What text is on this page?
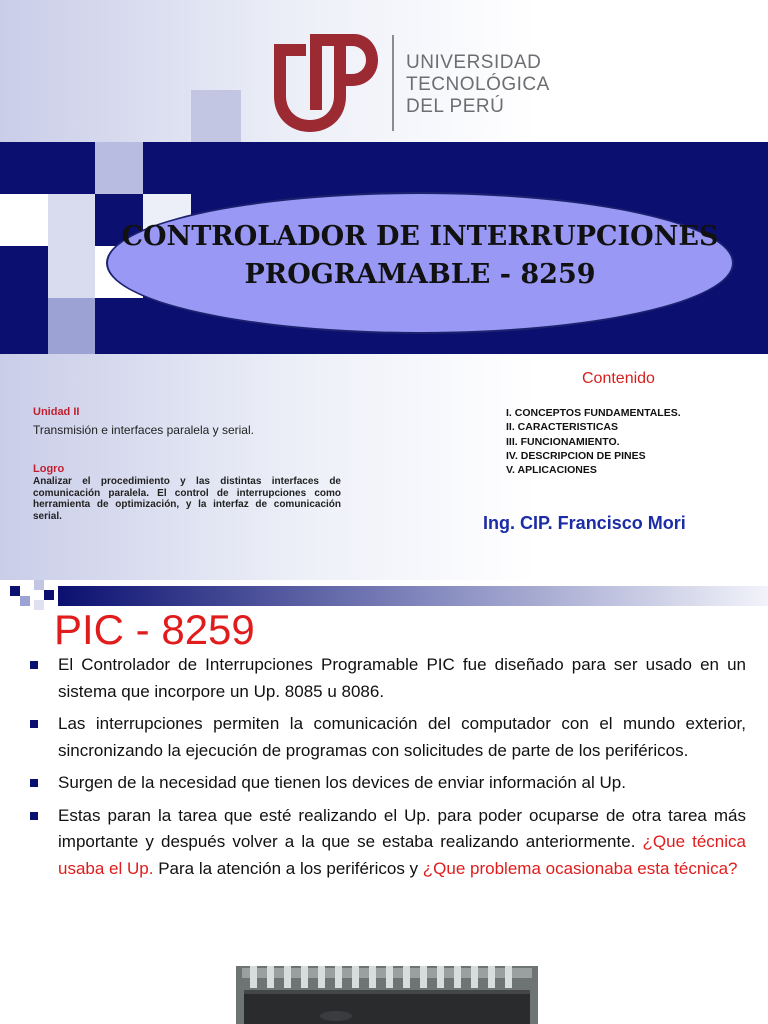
UNIVERSIDAD
TECNOLÓGICA
DEL PERÚ
CONTROLADOR DE INTERRUPCIONES
PROGRAMABLE - 8259
Contenido
Unidad II
Transmisión e interfaces paralela y serial.
Logro
Analizar el procedimiento y las distintas interfaces de comunicación paralela. El control de interrupciones como herramienta de optimización, y la interfaz de comunicación serial.
I. CONCEPTOS FUNDAMENTALES.
II. CARACTERISTICAS
III. FUNCIONAMIENTO.
IV. DESCRIPCION DE PINES
V. APLICACIONES
Ing. CIP. Francisco Mori
PIC - 8259
El Controlador de Interrupciones Programable PIC fue diseñado para ser usado en un sistema que incorpore un Up. 8085 u 8086.
Las interrupciones permiten la comunicación del computador con el mundo exterior, sincronizando la ejecución de programas con solicitudes de parte de los periféricos.
Surgen de la necesidad que tienen los devices de enviar información al Up.
Estas paran la tarea que esté realizando el Up. para poder ocuparse de otra tarea más importante y después volver a la que se estaba realizando anteriormente. ¿Que técnica usaba el Up. Para la atención a los periféricos y ¿Que problema ocasionaba esta técnica?
